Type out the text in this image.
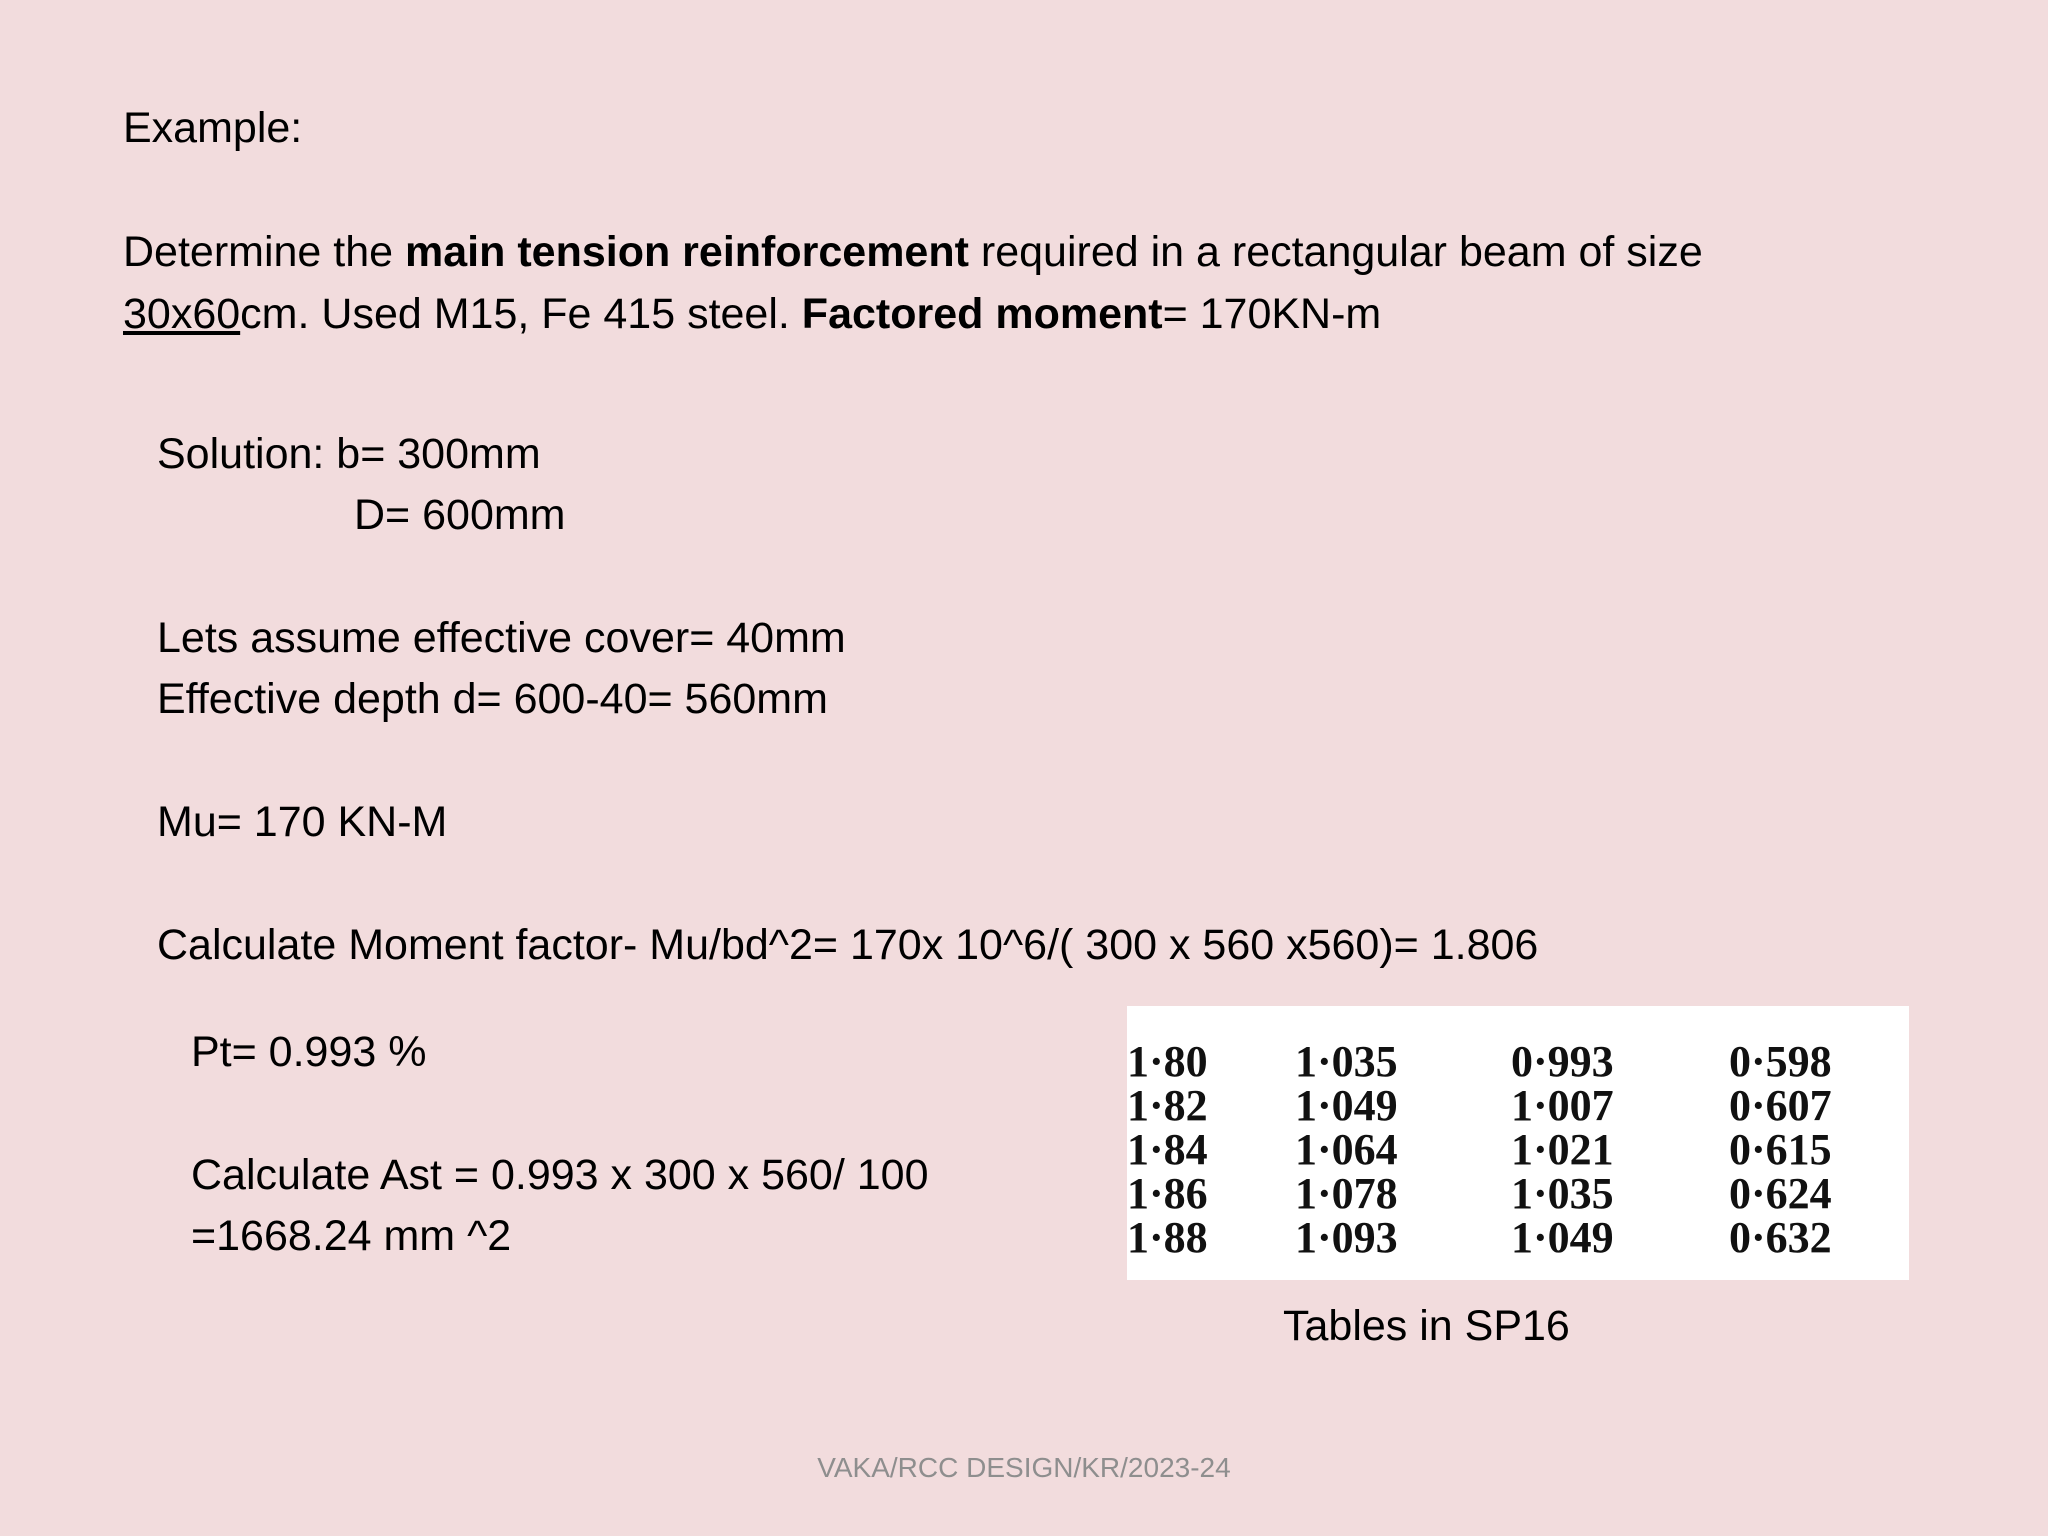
Example:
Determine the main tension reinforcement required in a rectangular beam of size
30x60cm. Used M15, Fe 415 steel. Factored moment= 170KN-m
Solution: b= 300mm
D= 600mm
Lets assume effective cover= 40mm
Effective depth d= 600-40= 560mm
Mu= 170 KN-M
Calculate Moment factor- Mu/bd^2= 170x 10^6/( 300 x 560 x560)= 1.806
Pt= 0.993 %
Calculate Ast = 0.993 x 300 x 560/ 100
=1668.24 mm ^2
1·80	1·035	0·993	0·598
1·82	1·049	1·007	0·607
1·84	1·064	1·021	0·615
1·86	1·078	1·035	0·624
1·88	1·093	1·049	0·632
Tables in SP16
VAKA/RCC DESIGN/KR/2023-24
